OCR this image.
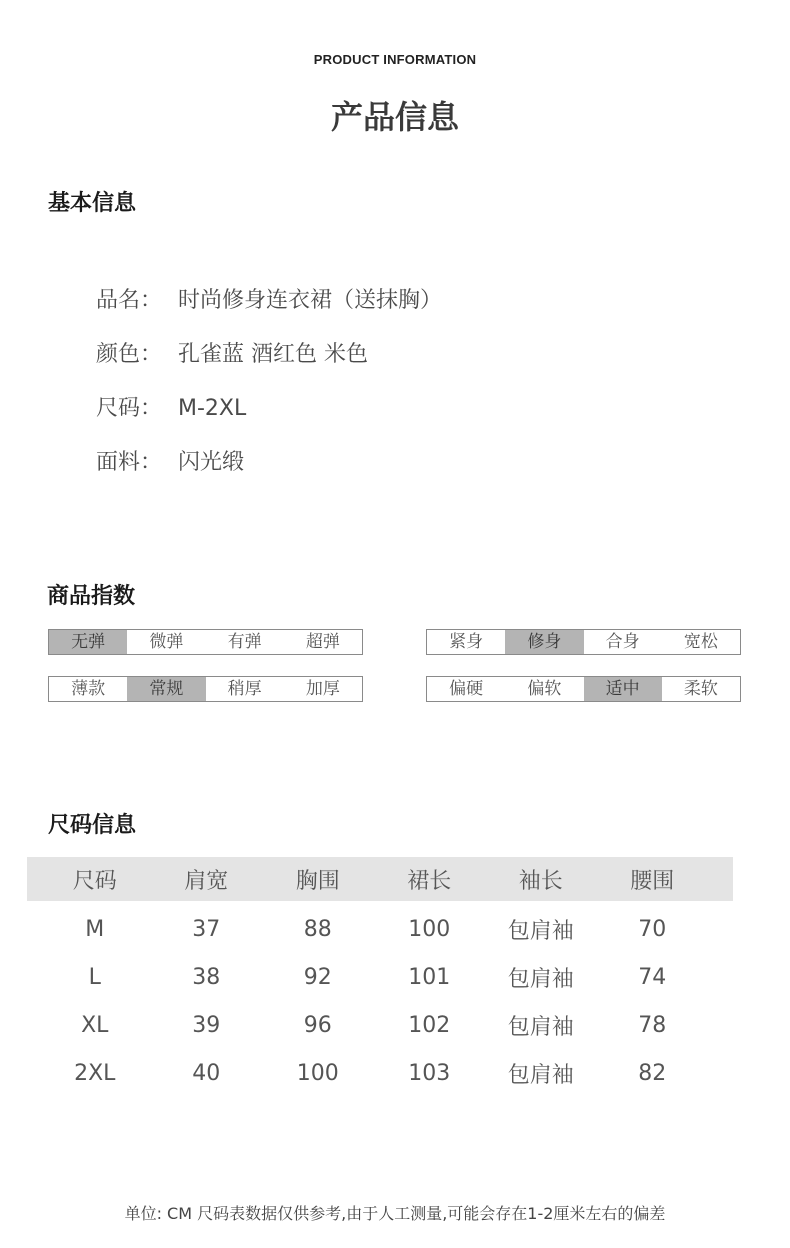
PRODUCT INFORMATION
产品信息
基本信息
品名： 时尚修身连衣裙（送抹胸）
颜色： 孔雀蓝 酒红色 米色
尺码： M-2XL
面料： 闪光缎
商品指数
无弹	微弹	有弹	超弹	紧身	修身	合身	宽松
薄款	常规	稍厚	加厚	偏硬	偏软	适中	柔软
尺码信息
尺码	肩宽	胸围	裙长	袖长	腰围
M	37	88	100	包肩袖	70
L	38	92	101	包肩袖	74
XL	39	96	102	包肩袖	78
2XL	40	100	103	包肩袖	82
单位: CM 尺码表数据仅供参考,由于人工测量,可能会存在1-2厘米左右的偏差
